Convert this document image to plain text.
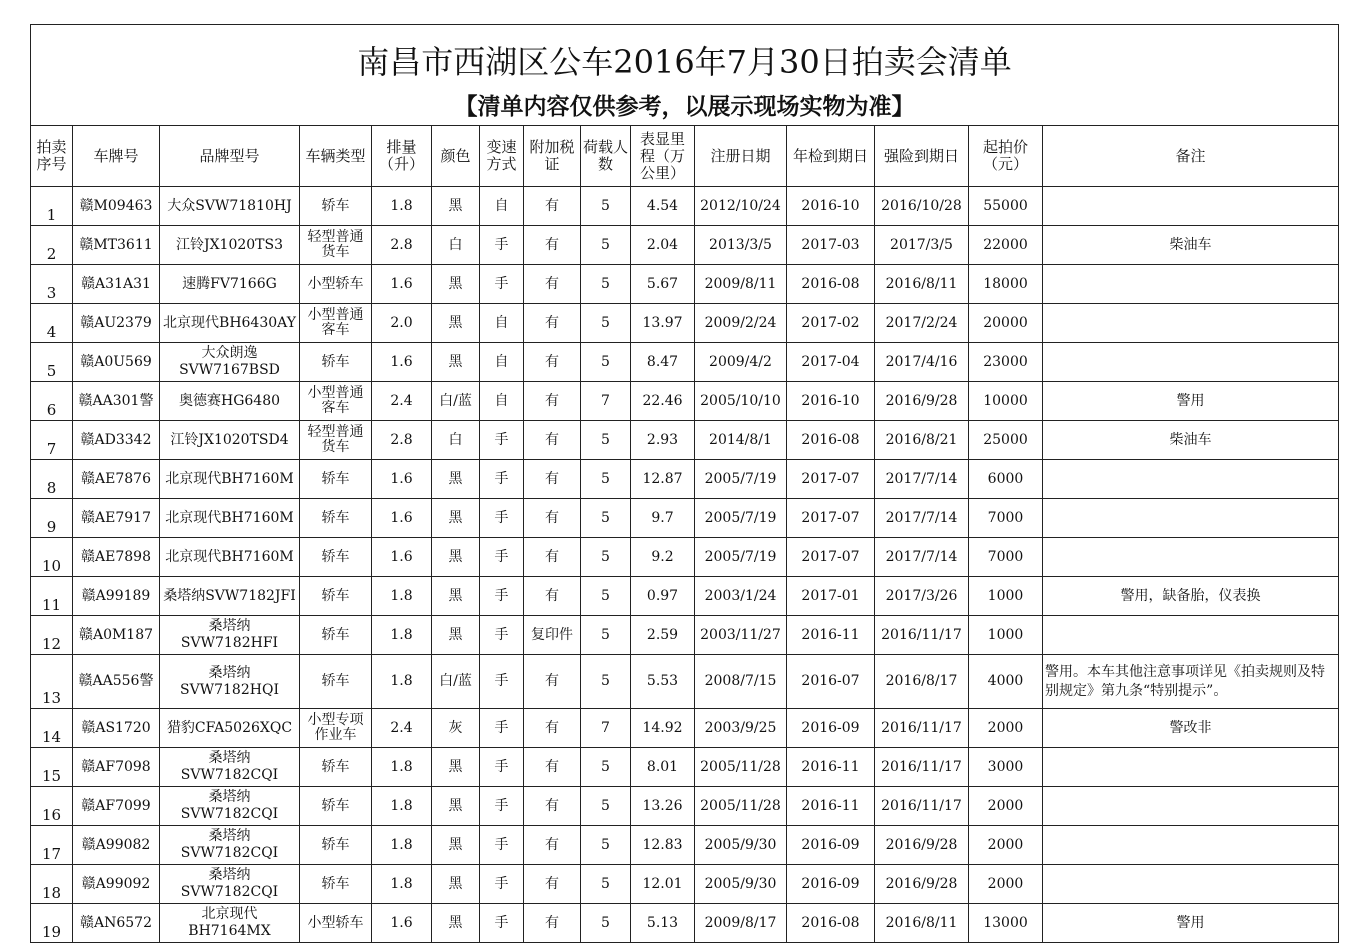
南昌市西湖区公车2016年7月30日拍卖会清单														
【清单内容仅供参考，以展示现场实物为准】														
拍卖序号	车牌号	品牌型号	车辆类型	排量（升）	颜色	变速方式	附加税证	荷载人数	表显里程（万公里）	注册日期	年检到期日	强险到期日	起拍价（元）	备注
1	赣M09463	大众SVW71810HJ	轿车	1.8	黑	自	有	5	4.54	2012/10/24	2016-10	2016/10/28	55000	
2	赣MT3611	江铃JX1020TS3	轻型普通货车	2.8	白	手	有	5	2.04	2013/3/5	2017-03	2017/3/5	22000	柴油车
3	赣A31A31	速腾FV7166G	小型轿车	1.6	黑	手	有	5	5.67	2009/8/11	2016-08	2016/8/11	18000	
4	赣AU2379	北京现代BH6430AY	小型普通客车	2.0	黑	自	有	5	13.97	2009/2/24	2017-02	2017/2/24	20000	
5	赣A0U569	大众朗逸SVW7167BSD	轿车	1.6	黑	自	有	5	8.47	2009/4/2	2017-04	2017/4/16	23000	
6	赣AA301警	奥德赛HG6480	小型普通客车	2.4	白/蓝	自	有	7	22.46	2005/10/10	2016-10	2016/9/28	10000	警用
7	赣AD3342	江铃JX1020TSD4	轻型普通货车	2.8	白	手	有	5	2.93	2014/8/1	2016-08	2016/8/21	25000	柴油车
8	赣AE7876	北京现代BH7160M	轿车	1.6	黑	手	有	5	12.87	2005/7/19	2017-07	2017/7/14	6000	
9	赣AE7917	北京现代BH7160M	轿车	1.6	黑	手	有	5	9.7	2005/7/19	2017-07	2017/7/14	7000	
10	赣AE7898	北京现代BH7160M	轿车	1.6	黑	手	有	5	9.2	2005/7/19	2017-07	2017/7/14	7000	
11	赣A99189	桑塔纳SVW7182JFI	轿车	1.8	黑	手	有	5	0.97	2003/1/24	2017-01	2017/3/26	1000	警用，缺备胎，仪表换
12	赣A0M187	桑塔纳SVW7182HFI	轿车	1.8	黑	手	复印件	5	2.59	2003/11/27	2016-11	2016/11/17	1000	
13	赣AA556警	桑塔纳SVW7182HQI	轿车	1.8	白/蓝	手	有	5	5.53	2008/7/15	2016-07	2016/8/17	4000	警用。本车其他注意事项详见《拍卖规则及特别规定》第九条“特别提示”。
14	赣AS1720	猎豹CFA5026XQC	小型专项作业车	2.4	灰	手	有	7	14.92	2003/9/25	2016-09	2016/11/17	2000	警改非
15	赣AF7098	桑塔纳SVW7182CQI	轿车	1.8	黑	手	有	5	8.01	2005/11/28	2016-11	2016/11/17	3000	
16	赣AF7099	桑塔纳SVW7182CQI	轿车	1.8	黑	手	有	5	13.26	2005/11/28	2016-11	2016/11/17	2000	
17	赣A99082	桑塔纳SVW7182CQI	轿车	1.8	黑	手	有	5	12.83	2005/9/30	2016-09	2016/9/28	2000	
18	赣A99092	桑塔纳SVW7182CQI	轿车	1.8	黑	手	有	5	12.01	2005/9/30	2016-09	2016/9/28	2000	
19	赣AN6572	北京现代BH7164MX	小型轿车	1.6	黑	手	有	5	5.13	2009/8/17	2016-08	2016/8/11	13000	警用
